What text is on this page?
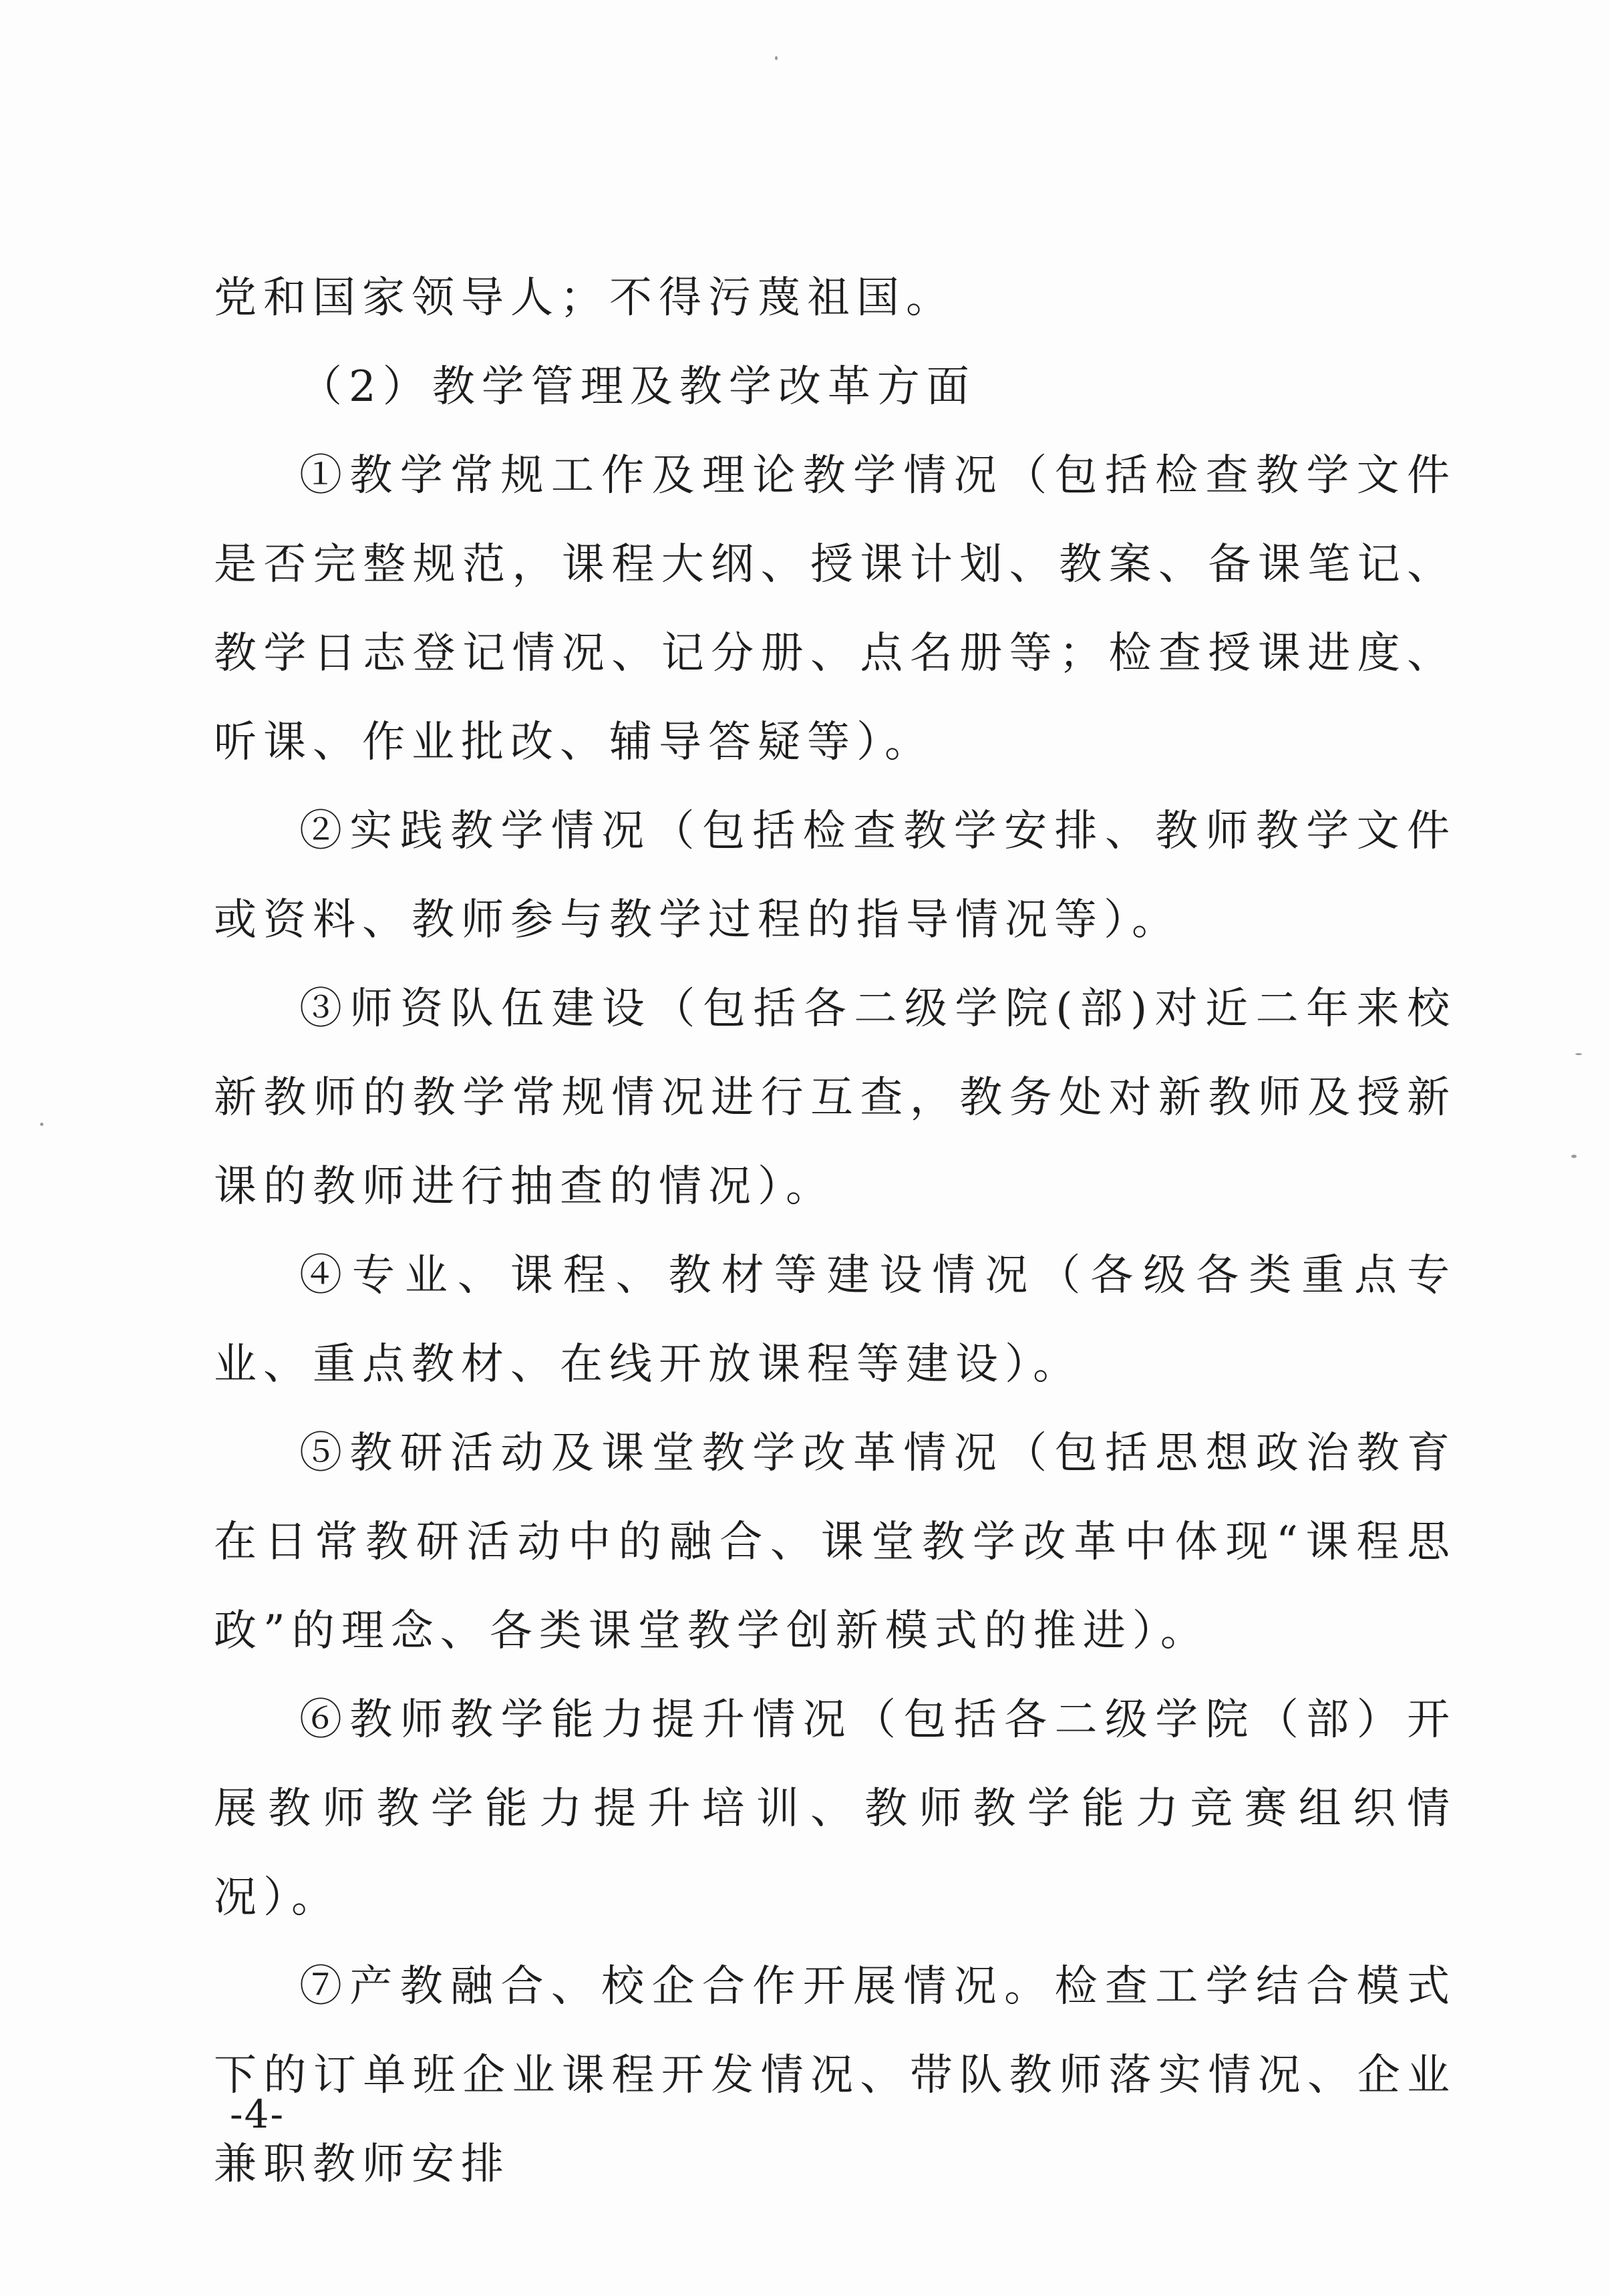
党和国家领导人；不得污蔑祖国。

（2）教学管理及教学改革方面

①教学常规工作及理论教学情况（包括检查教学文件是否完整规范，课程大纲、授课计划、教案、备课笔记、教学日志登记情况、记分册、点名册等；检查授课进度、听课、作业批改、辅导答疑等）。

②实践教学情况（包括检查教学安排、教师教学文件或资料、教师参与教学过程的指导情况等）。

③师资队伍建设（包括各二级学院(部)对近二年来校新教师的教学常规情况进行互查，教务处对新教师及授新课的教师进行抽查的情况）。

④专业、课程、教材等建设情况（各级各类重点专业、重点教材、在线开放课程等建设）。

⑤教研活动及课堂教学改革情况（包括思想政治教育在日常教研活动中的融合、课堂教学改革中体现“课程思政”的理念、各类课堂教学创新模式的推进）。

⑥教师教学能力提升情况（包括各二级学院（部）开展教师教学能力提升培训、教师教学能力竞赛组织情况）。

⑦产教融合、校企合作开展情况。检查工学结合模式下的订单班企业课程开发情况、带队教师落实情况、企业兼职教师安排

-4-
